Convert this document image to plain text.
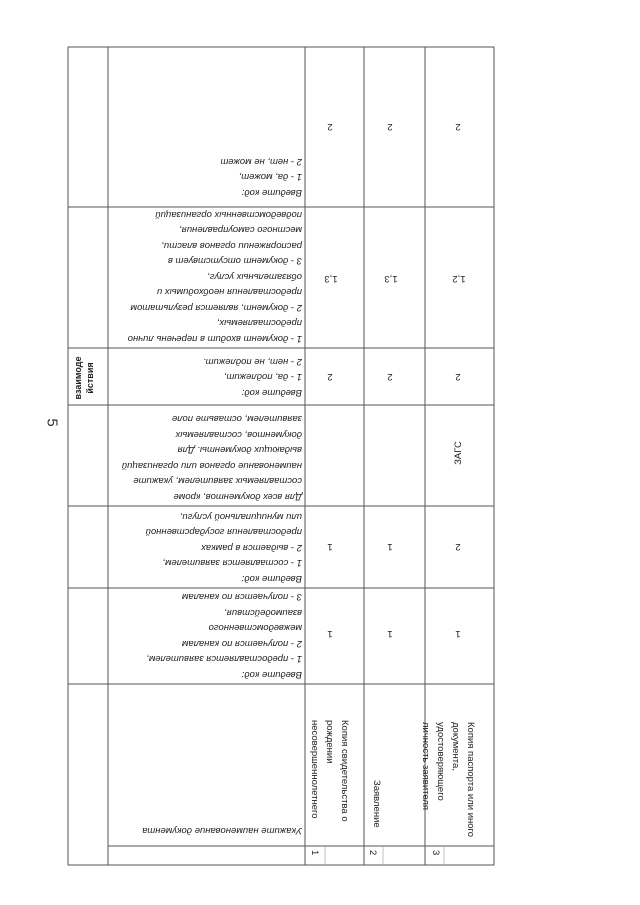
5
взаимоде
йствия
Введите код:
1 - да, может,
2 - нет, не может
1 - документ входит в перечень лично
предоставляемых,
2 - документ, является результатом
предоставления необходимых и
обязательных услуг,
3 - документ отсутствует в
распоряжении органов власти,
местного самоуправления,
подведомственных организаций
Введите код:
1 - да, подлежит,
2 - нет, не подлежит.
Для всех документов, кроме
составляемых заявителем, укажите
наименование органов или организаций
выдающих документы. Для
документов, составляемых
заявителем, оставьте поле
Введите код:
1 - составляется заявителем,
2 - выдается в рамках
предоставления государственной
или муниципальной услуги,
Введите код:
1 - предоставляется заявителем,
2 - получается по каналам
межведомственного
взаимодействия,
3 - получается по каналам
Укажите наименование документа
2
1,3
2
1
1
Копия свидетельства о
рождении
несовершеннолетнего
1
2
1,3
2
1
1
Заявление
2
2
1,2
2
ЗАГС
2
1
Копия паспорта или иного
документа, удостоверяющего
личность заявителя
3
